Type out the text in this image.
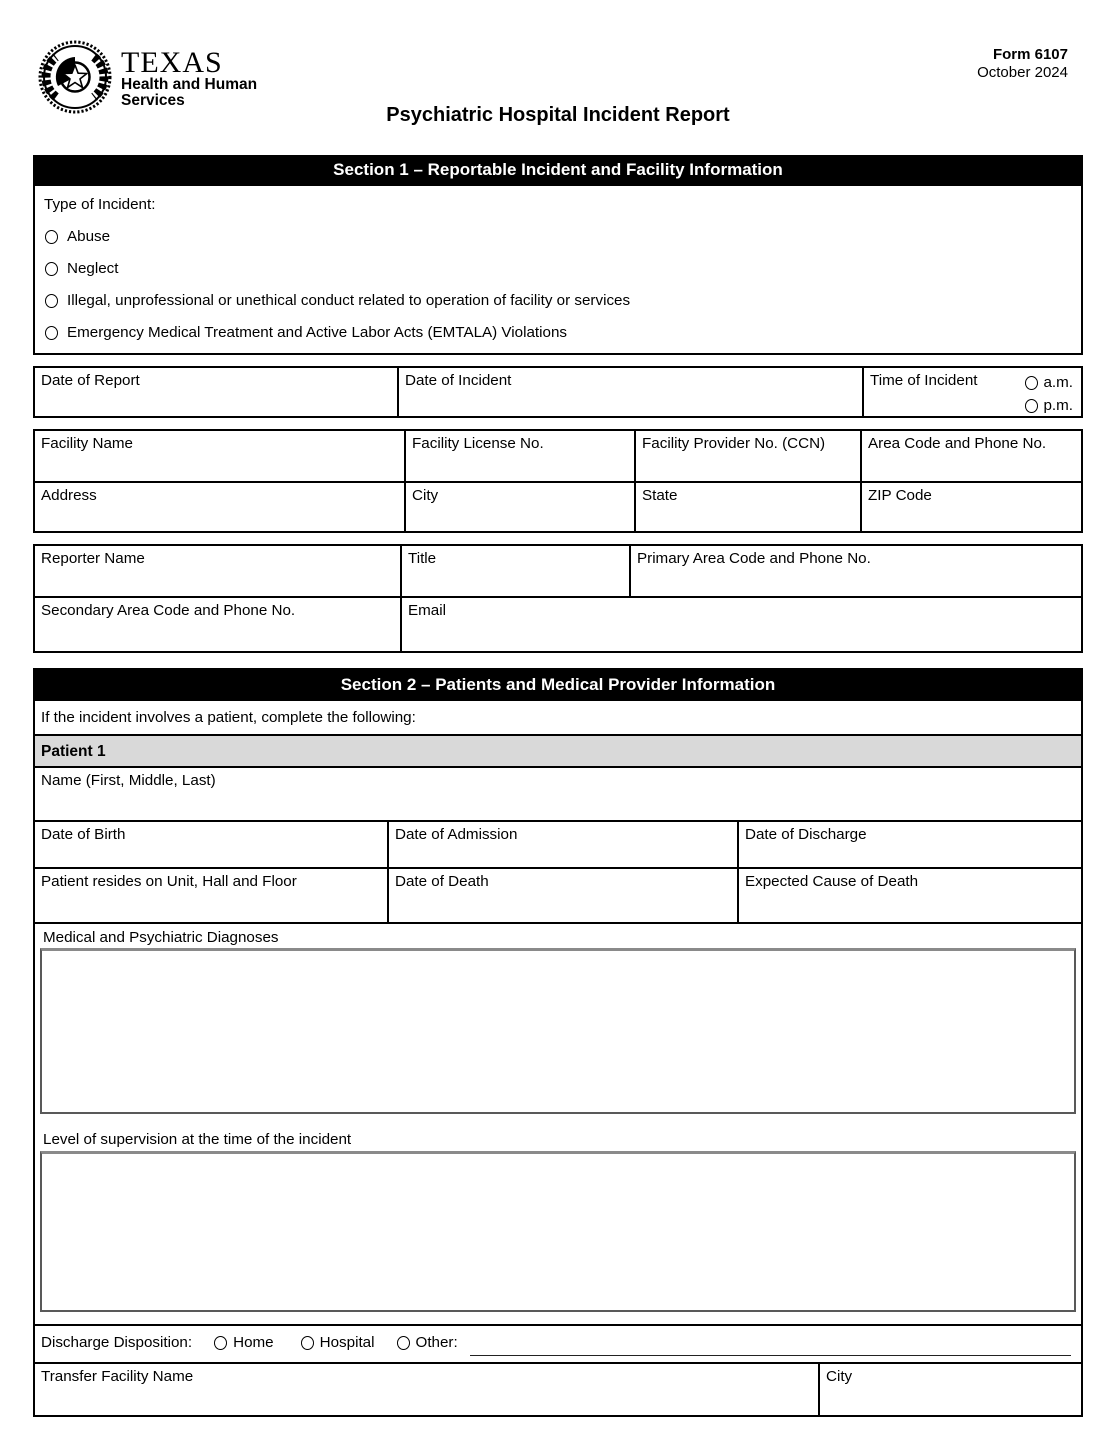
TEXAS
Health and Human
Services
Form 6107
October 2024
Psychiatric Hospital Incident Report
Section 1 – Reportable Incident and Facility Information
Type of Incident:
Abuse
Neglect
Illegal, unprofessional or unethical conduct related to operation of facility or services
Emergency Medical Treatment and Active Labor Acts (EMTALA) Violations
Date of Report	Date of Incident	Time of Incident	a.m.
p.m.
Facility Name	Facility License No.	Facility Provider No. (CCN)	Area Code and Phone No.
Address	City	State	ZIP Code
Reporter Name	Title	Primary Area Code and Phone No.
Secondary Area Code and Phone No.	Email
Section 2 – Patients and Medical Provider Information
If the incident involves a patient, complete the following:
Patient 1
Name (First, Middle, Last)
Date of Birth	Date of Admission	Date of Discharge
Patient resides on Unit, Hall and Floor	Date of Death	Expected Cause of Death
Medical and Psychiatric Diagnoses
Level of supervision at the time of the incident
Discharge Disposition:	Home	Hospital	Other:
Transfer Facility Name	City
